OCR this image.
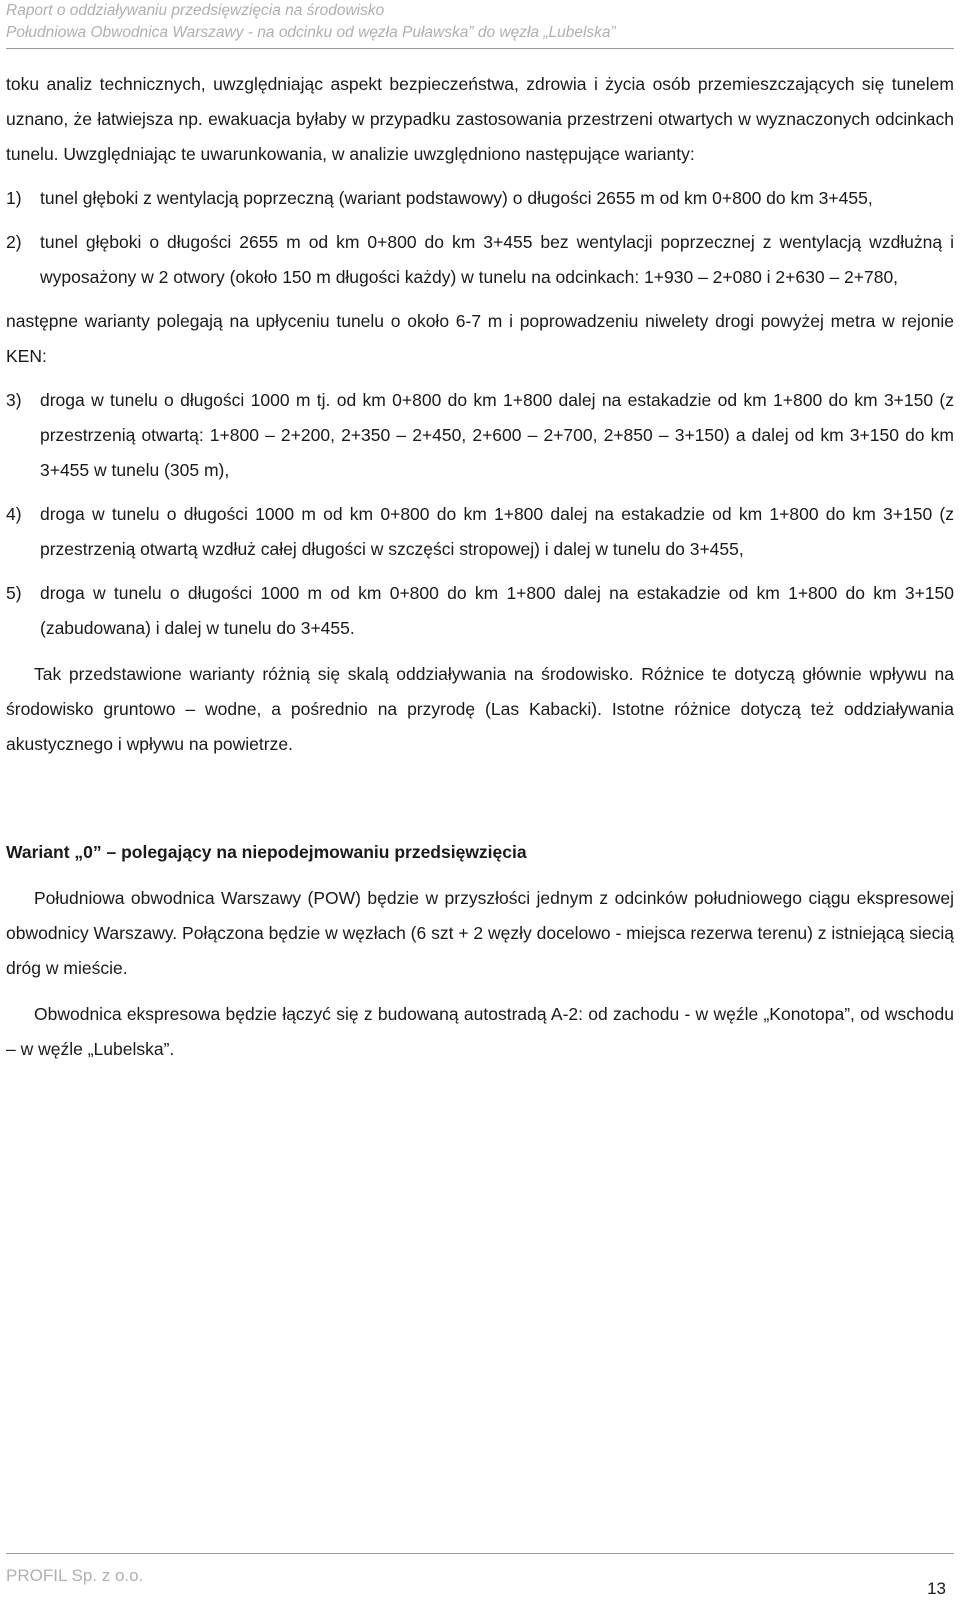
Raport o oddziaływaniu przedsięwzięcia na środowisko
Południowa Obwodnica Warszawy - na odcinku od węzła Puławska” do węzła „Lubelska”

toku analiz technicznych, uwzględniając aspekt bezpieczeństwa, zdrowia i życia osób przemieszczających się tunelem uznano, że łatwiejsza np. ewakuacja byłaby w przypadku zastosowania przestrzeni otwartych w wyznaczonych odcinkach tunelu. Uwzględniając te uwarunkowania, w analizie uwzględniono następujące warianty:

1)	tunel głęboki z wentylacją poprzeczną (wariant podstawowy) o długości 2655 m od km 0+800 do km 3+455,
2)	tunel głęboki o długości 2655 m od km 0+800 do km 3+455 bez wentylacji poprzecznej z wentylacją wzdłużną i wyposażony w 2 otwory (około 150 m długości każdy) w tunelu na odcinkach: 1+930 – 2+080 i 2+630 – 2+780,

następne warianty polegają na upłyceniu tunelu o około 6-7 m i poprowadzeniu niwelety drogi powyżej metra w rejonie KEN:

3)	droga w tunelu o długości 1000 m tj. od km 0+800 do km 1+800 dalej na estakadzie od km 1+800 do km 3+150 (z przestrzenią otwartą: 1+800 – 2+200, 2+350 – 2+450, 2+600 – 2+700, 2+850 – 3+150) a dalej od km 3+150 do km 3+455 w tunelu (305 m),
4)	droga w tunelu o długości 1000 m od km 0+800 do km 1+800 dalej na estakadzie od km 1+800 do km 3+150 (z przestrzenią otwartą wzdłuż całej długości w szczęści stropowej) i dalej w tunelu do 3+455,
5)	droga w tunelu o długości 1000 m od km 0+800 do km 1+800 dalej na estakadzie od km 1+800 do km 3+150 (zabudowana) i dalej w tunelu do 3+455.

Tak przedstawione warianty różnią się skalą oddziaływania na środowisko. Różnice te dotyczą głównie wpływu na środowisko gruntowo – wodne, a pośrednio na przyrodę (Las Kabacki). Istotne różnice dotyczą też oddziaływania akustycznego i wpływu na powietrze.

Wariant „0” – polegający na niepodejmowaniu przedsięwzięcia

Południowa obwodnica Warszawy (POW) będzie w przyszłości jednym z odcinków południowego ciągu ekspresowej obwodnicy Warszawy. Połączona będzie w węzłach (6 szt + 2 węzły docelowo - miejsca rezerwa terenu) z istniejącą siecią dróg w mieście.

Obwodnica ekspresowa będzie łączyć się z budowaną autostradą A-2: od zachodu - w węźle „Konotopa”, od wschodu – w węźle „Lubelska”.

PROFIL Sp. z o.o.
13
